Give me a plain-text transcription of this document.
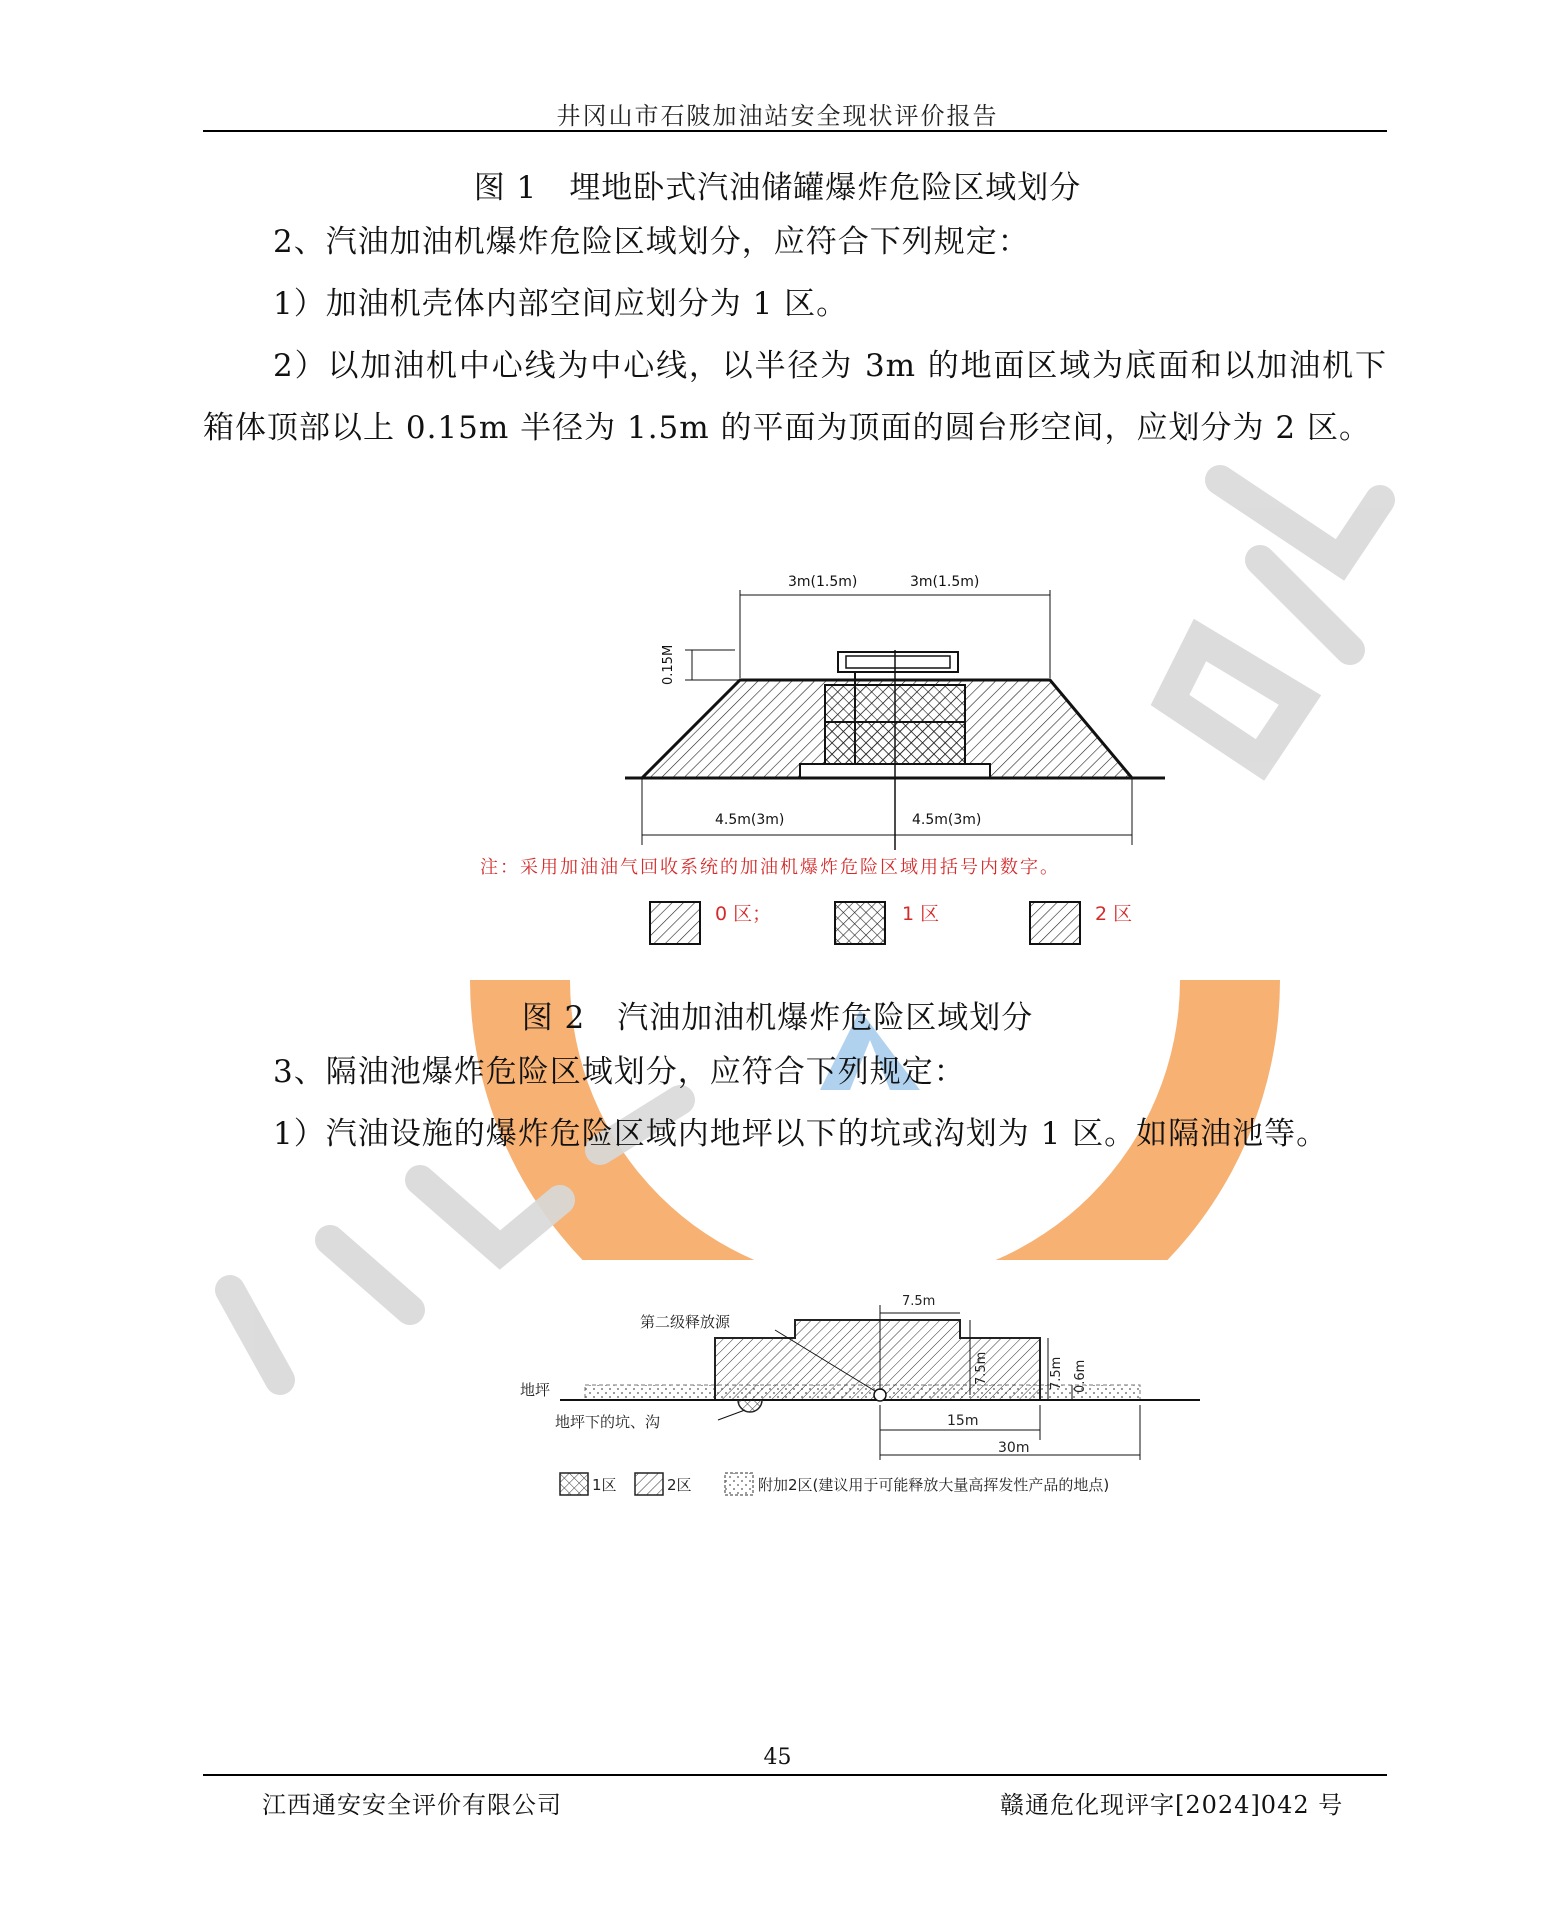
井冈山市石陂加油站安全现状评价报告
图 1　埋地卧式汽油储罐爆炸危险区域划分
2、汽油加油机爆炸危险区域划分，应符合下列规定：
1）加油机壳体内部空间应划分为 1 区。
2）以加油机中心线为中心线，以半径为 3m 的地面区域为底面和以加油机下箱体顶部以上 0.15m 半径为 1.5m 的平面为顶面的圆台形空间，应划分为 2 区。
3m(1.5m)	3m(1.5m)
0.15M
4.5m(3m)	4.5m(3m)
注：采用加油油气回收系统的加油机爆炸危险区域用括号内数字。
0 区；	1 区	2 区
图 2　汽油加油机爆炸危险区域划分
3、隔油池爆炸危险区域划分，应符合下列规定：
1）汽油设施的爆炸危险区域内地坪以下的坑或沟划为 1 区。如隔油池等。
第二级释放源
地坪
地坪下的坑、沟
7.5m
7.5m	7.5m 0.6m
15m
30m
1区	2区	附加2区(建议用于可能释放大量高挥发性产品的地点)
45
江西通安安全评价有限公司	赣通危化现评字[2024]042 号
